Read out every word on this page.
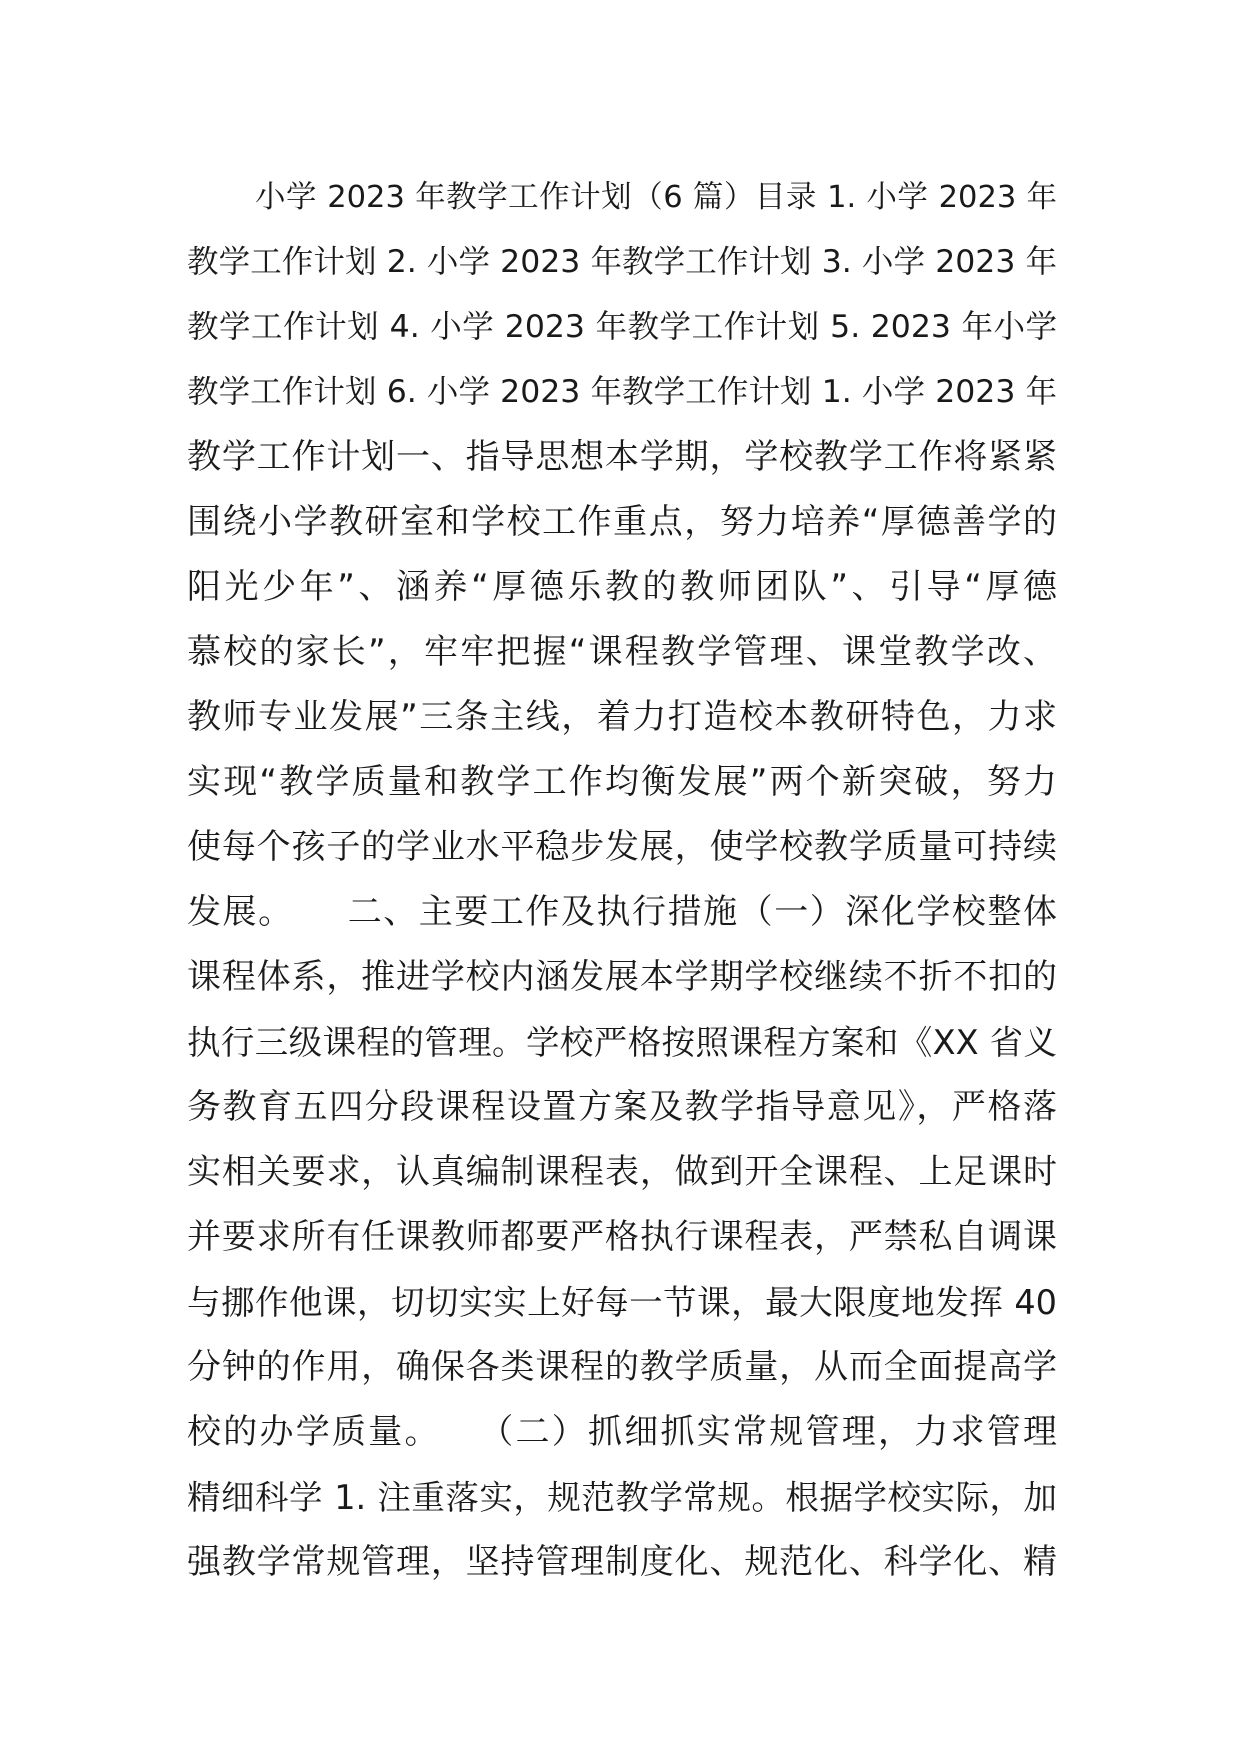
小学 2023 年教学工作计划（6 篇）目录 1. 小学 2023 年
教学工作计划 2. 小学 2023 年教学工作计划 3. 小学 2023 年
教学工作计划 4. 小学 2023 年教学工作计划 5. 2023 年小学
教学工作计划 6. 小学 2023 年教学工作计划 1. 小学 2023 年
教学工作计划一、指导思想本学期，学校教学工作将紧紧
围绕小学教研室和学校工作重点，努力培养“厚德善学的
阳光少年”、涵养“厚德乐教的教师团队”、引导“厚德
慕校的家长”，牢牢把握“课程教学管理、课堂教学改、
教师专业发展”三条主线，着力打造校本教研特色，力求
实现“教学质量和教学工作均衡发展”两个新突破，努力
使每个孩子的学业水平稳步发展，使学校教学质量可持续
发展。　　二、主要工作及执行措施（一）深化学校整体
课程体系，推进学校内涵发展本学期学校继续不折不扣的
执行三级课程的管理。学校严格按照课程方案和《XX 省义
务教育五四分段课程设置方案及教学指导意见》，严格落
实相关要求，认真编制课程表，做到开全课程、上足课时
并要求所有任课教师都要严格执行课程表，严禁私自调课
与挪作他课，切切实实上好每一节课，最大限度地发挥 40
分钟的作用，确保各类课程的教学质量，从而全面提高学
校的办学质量。　　（二）抓细抓实常规管理，力求管理
精细科学 1. 注重落实，规范教学常规。根据学校实际，加
强教学常规管理，坚持管理制度化、规范化、科学化、精
